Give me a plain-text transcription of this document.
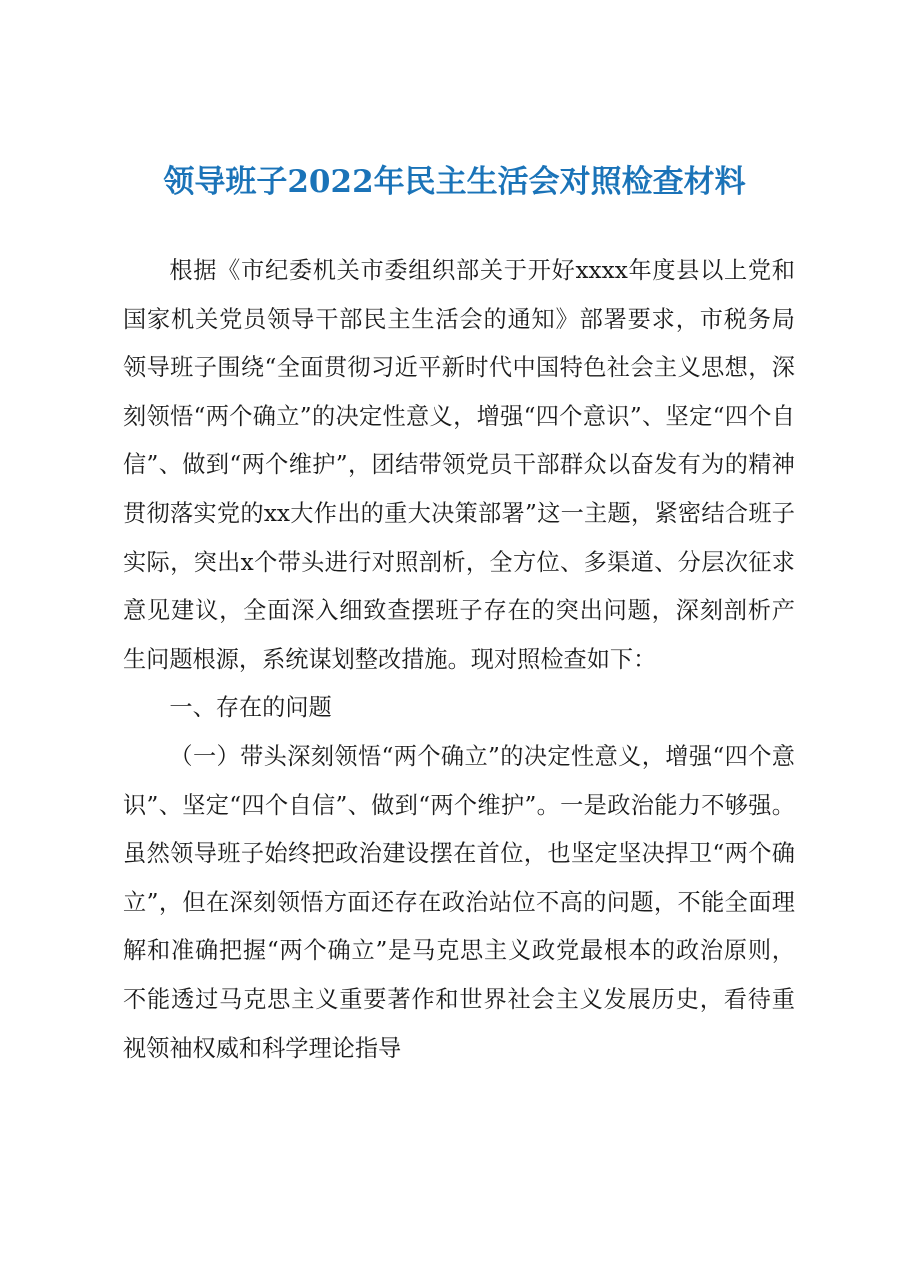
领导班子2022年民主生活会对照检查材料

根据《市纪委机关市委组织部关于开好xxxx年度县以上党和国家机关党员领导干部民主生活会的通知》部署要求，市税务局领导班子围绕“全面贯彻习近平新时代中国特色社会主义思想，深刻领悟“两个确立”的决定性意义，增强“四个意识”、坚定“四个自信”、做到“两个维护”，团结带领党员干部群众以奋发有为的精神贯彻落实党的xx大作出的重大决策部署”这一主题，紧密结合班子实际，突出x个带头进行对照剖析，全方位、多渠道、分层次征求意见建议，全面深入细致查摆班子存在的突出问题，深刻剖析产生问题根源，系统谋划整改措施。现对照检查如下：

一、存在的问题

（一）带头深刻领悟“两个确立”的决定性意义，增强“四个意识”、坚定“四个自信”、做到“两个维护”。一是政治能力不够强。虽然领导班子始终把政治建设摆在首位，也坚定坚决捍卫“两个确立”，但在深刻领悟方面还存在政治站位不高的问题，不能全面理解和准确把握“两个确立”是马克思主义政党最根本的政治原则，不能透过马克思主义重要著作和世界社会主义发展历史，看待重视领袖权威和科学理论指导
